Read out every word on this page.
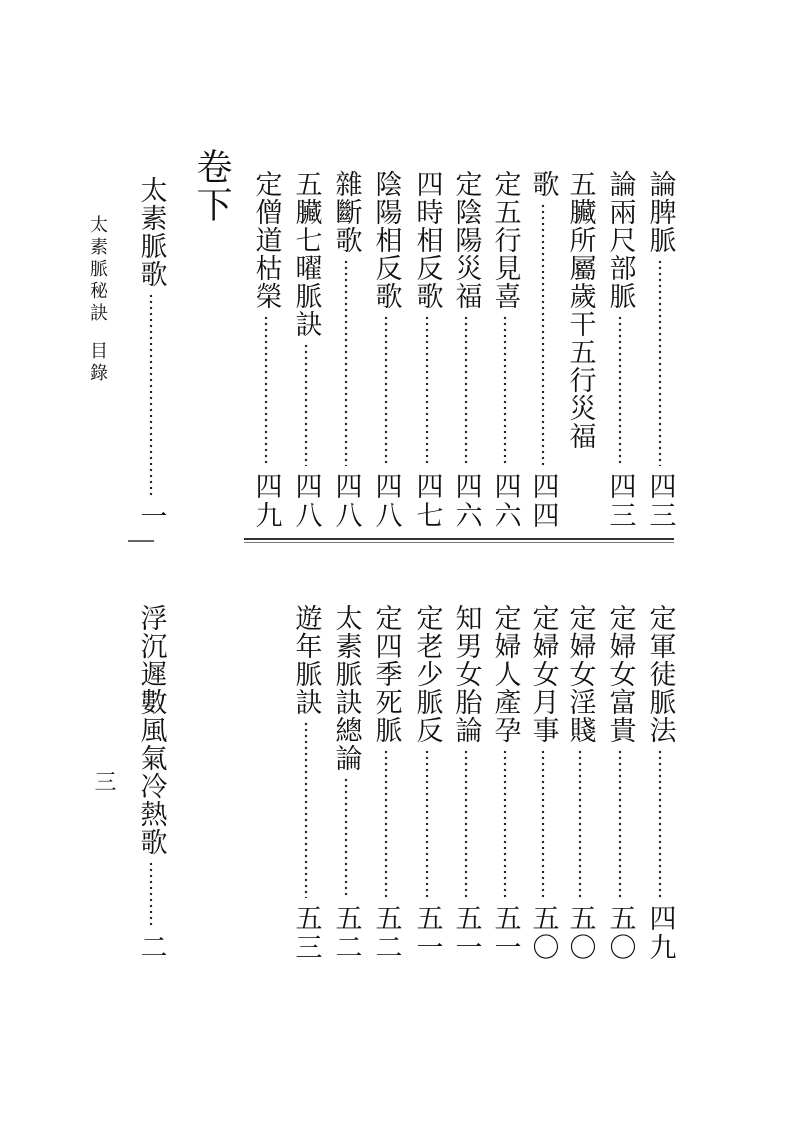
太素脈秘訣目錄
三
卷下	論脾脈
四三
論兩尺部脈
四三
五臟所屬歲干五行災福
歌
四四
定五行見喜
四六
定陰陽災福
四六
四時相反歌
四七
陰陽相反歌
四八
雜斷歌
四八
五臟七曜脈訣
四八
定僧道枯榮
四九
太素脈歌
一
浮沉遲數風氣冷熱歌
二
定軍徒脈法
四九
定婦女富貴
五〇
定婦女淫賤
五〇
定婦女月事
五〇
定婦人產孕
五一
知男女胎論
五一
定老少脈反
五一
定四季死脈
五二
太素脈訣總論
五二
遊年脈訣
五三
